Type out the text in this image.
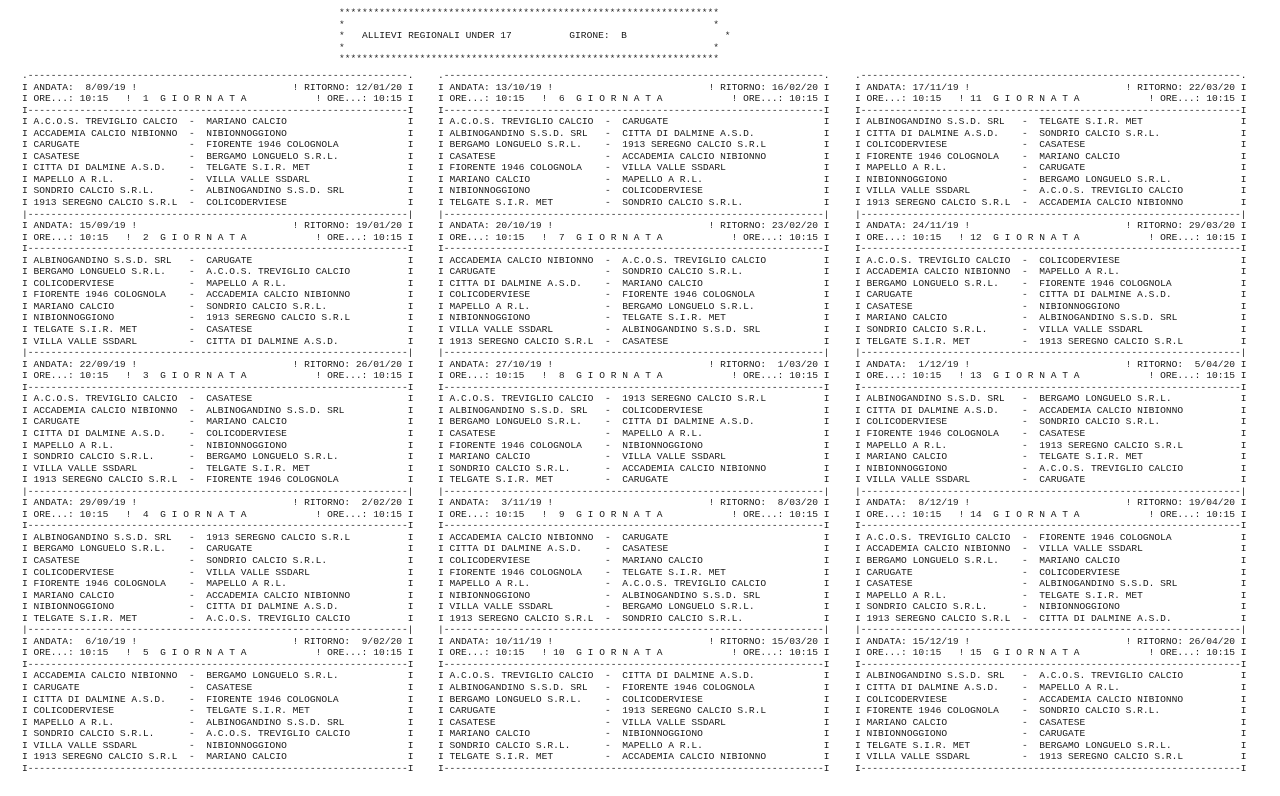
******************************************************************
*                                                                *
*   ALLIEVI REGIONALI UNDER 17	GIRONE: B	*
*                                                                *
******************************************************************
.------------------------------------------------------------------.
I ANDATA:  8/09/19 !                           ! RITORNO: 12/01/20 I
I ORE...: 10:15   !  1  G I O R N A T A            ! ORE...: 10:15 I
I------------------------------------------------------------------I
I A.C.O.S. TREVIGLIO CALCIO  -  MARIANO CALCIO                     I
I ACCADEMIA CALCIO NIBIONNO  -  NIBIONNOGGIONO                     I
I CARUGATE                   -  FIORENTE 1946 COLOGNOLA            I
I CASATESE                   -  BERGAMO LONGUELO S.R.L.            I
I CITTA DI DALMINE A.S.D.    -  TELGATE S.I.R. MET                 I
I MAPELLO A R.L.             -  VILLA VALLE SSDARL                 I
I SONDRIO CALCIO S.R.L.      -  ALBINOGANDINO S.S.D. SRL           I
I 1913 SEREGNO CALCIO S.R.L  -  COLICODERVIESE                     I
|------------------------------------------------------------------|
I ANDATA: 15/09/19 !                           ! RITORNO: 19/01/20 I
I ORE...: 10:15   !  2  G I O R N A T A            ! ORE...: 10:15 I
I------------------------------------------------------------------I
I ALBINOGANDINO S.S.D. SRL   -  CARUGATE                           I
I BERGAMO LONGUELO S.R.L.    -  A.C.O.S. TREVIGLIO CALCIO          I
I COLICODERVIESE             -  MAPELLO A R.L.                     I
I FIORENTE 1946 COLOGNOLA    -  ACCADEMIA CALCIO NIBIONNO          I
I MARIANO CALCIO             -  SONDRIO CALCIO S.R.L.              I
I NIBIONNOGGIONO             -  1913 SEREGNO CALCIO S.R.L          I
I TELGATE S.I.R. MET         -  CASATESE                           I
I VILLA VALLE SSDARL         -  CITTA DI DALMINE A.S.D.            I
|------------------------------------------------------------------|
I ANDATA: 22/09/19 !                           ! RITORNO: 26/01/20 I
I ORE...: 10:15   !  3  G I O R N A T A            ! ORE...: 10:15 I
I------------------------------------------------------------------I
I A.C.O.S. TREVIGLIO CALCIO  -  CASATESE                           I
I ACCADEMIA CALCIO NIBIONNO  -  ALBINOGANDINO S.S.D. SRL           I
I CARUGATE                   -  MARIANO CALCIO                     I
I CITTA DI DALMINE A.S.D.    -  COLICODERVIESE                     I
I MAPELLO A R.L.             -  NIBIONNOGGIONO                     I
I SONDRIO CALCIO S.R.L.      -  BERGAMO LONGUELO S.R.L.            I
I VILLA VALLE SSDARL         -  TELGATE S.I.R. MET                 I
I 1913 SEREGNO CALCIO S.R.L  -  FIORENTE 1946 COLOGNOLA            I
|------------------------------------------------------------------|
I ANDATA: 29/09/19 !                           ! RITORNO:  2/02/20 I
I ORE...: 10:15   !  4  G I O R N A T A            ! ORE...: 10:15 I
I------------------------------------------------------------------I
I ALBINOGANDINO S.S.D. SRL   -  1913 SEREGNO CALCIO S.R.L          I
I BERGAMO LONGUELO S.R.L.    -  CARUGATE                           I
I CASATESE                   -  SONDRIO CALCIO S.R.L.              I
I COLICODERVIESE             -  VILLA VALLE SSDARL                 I
I FIORENTE 1946 COLOGNOLA    -  MAPELLO A R.L.                     I
I MARIANO CALCIO             -  ACCADEMIA CALCIO NIBIONNO          I
I NIBIONNOGGIONO             -  CITTA DI DALMINE A.S.D.            I
I TELGATE S.I.R. MET         -  A.C.O.S. TREVIGLIO CALCIO          I
|------------------------------------------------------------------|
I ANDATA:  6/10/19 !                           ! RITORNO:  9/02/20 I
I ORE...: 10:15   !  5  G I O R N A T A            ! ORE...: 10:15 I
I------------------------------------------------------------------I
I ACCADEMIA CALCIO NIBIONNO  -  BERGAMO LONGUELO S.R.L.            I
I CARUGATE                   -  CASATESE                           I
I CITTA DI DALMINE A.S.D.    -  FIORENTE 1946 COLOGNOLA            I
I COLICODERVIESE             -  TELGATE S.I.R. MET                 I
I MAPELLO A R.L.             -  ALBINOGANDINO S.S.D. SRL           I
I SONDRIO CALCIO S.R.L.      -  A.C.O.S. TREVIGLIO CALCIO          I
I VILLA VALLE SSDARL         -  NIBIONNOGGIONO                     I
I 1913 SEREGNO CALCIO S.R.L  -  MARIANO CALCIO                     I
I------------------------------------------------------------------I

.------------------------------------------------------------------.
I ANDATA: 13/10/19 !                           ! RITORNO: 16/02/20 I
I ORE...: 10:15   !  6  G I O R N A T A            ! ORE...: 10:15 I
I------------------------------------------------------------------I
I A.C.O.S. TREVIGLIO CALCIO  -  CARUGATE                           I
I ALBINOGANDINO S.S.D. SRL   -  CITTA DI DALMINE A.S.D.            I
I BERGAMO LONGUELO S.R.L.    -  1913 SEREGNO CALCIO S.R.L          I
I CASATESE                   -  ACCADEMIA CALCIO NIBIONNO          I
I FIORENTE 1946 COLOGNOLA    -  VILLA VALLE SSDARL                 I
I MARIANO CALCIO             -  MAPELLO A R.L.                     I
I NIBIONNOGGIONO             -  COLICODERVIESE                     I
I TELGATE S.I.R. MET         -  SONDRIO CALCIO S.R.L.              I
|------------------------------------------------------------------|
I ANDATA: 20/10/19 !                           ! RITORNO: 23/02/20 I
I ORE...: 10:15   !  7  G I O R N A T A            ! ORE...: 10:15 I
I------------------------------------------------------------------I
I ACCADEMIA CALCIO NIBIONNO  -  A.C.O.S. TREVIGLIO CALCIO          I
I CARUGATE                   -  SONDRIO CALCIO S.R.L.              I
I CITTA DI DALMINE A.S.D.    -  MARIANO CALCIO                     I
I COLICODERVIESE             -  FIORENTE 1946 COLOGNOLA            I
I MAPELLO A R.L.             -  BERGAMO LONGUELO S.R.L.            I
I NIBIONNOGGIONO             -  TELGATE S.I.R. MET                 I
I VILLA VALLE SSDARL         -  ALBINOGANDINO S.S.D. SRL           I
I 1913 SEREGNO CALCIO S.R.L  -  CASATESE                           I
|------------------------------------------------------------------|
I ANDATA: 27/10/19 !                           ! RITORNO:  1/03/20 I
I ORE...: 10:15   !  8  G I O R N A T A            ! ORE...: 10:15 I
I------------------------------------------------------------------I
I A.C.O.S. TREVIGLIO CALCIO  -  1913 SEREGNO CALCIO S.R.L          I
I ALBINOGANDINO S.S.D. SRL   -  COLICODERVIESE                     I
I BERGAMO LONGUELO S.R.L.    -  CITTA DI DALMINE A.S.D.            I
I CASATESE                   -  MAPELLO A R.L.                     I
I FIORENTE 1946 COLOGNOLA    -  NIBIONNOGGIONO                     I
I MARIANO CALCIO             -  VILLA VALLE SSDARL                 I
I SONDRIO CALCIO S.R.L.      -  ACCADEMIA CALCIO NIBIONNO          I
I TELGATE S.I.R. MET         -  CARUGATE                           I
|------------------------------------------------------------------|
I ANDATA:  3/11/19 !                           ! RITORNO:  8/03/20 I
I ORE...: 10:15   !  9  G I O R N A T A            ! ORE...: 10:15 I
I------------------------------------------------------------------I
I ACCADEMIA CALCIO NIBIONNO  -  CARUGATE                           I
I CITTA DI DALMINE A.S.D.    -  CASATESE                           I
I COLICODERVIESE             -  MARIANO CALCIO                     I
I FIORENTE 1946 COLOGNOLA    -  TELGATE S.I.R. MET                 I
I MAPELLO A R.L.             -  A.C.O.S. TREVIGLIO CALCIO          I
I NIBIONNOGGIONO             -  ALBINOGANDINO S.S.D. SRL           I
I VILLA VALLE SSDARL         -  BERGAMO LONGUELO S.R.L.            I
I 1913 SEREGNO CALCIO S.R.L  -  SONDRIO CALCIO S.R.L.              I
|------------------------------------------------------------------|
I ANDATA: 10/11/19 !                           ! RITORNO: 15/03/20 I
I ORE...: 10:15   ! 10  G I O R N A T A            ! ORE...: 10:15 I
I------------------------------------------------------------------I
I A.C.O.S. TREVIGLIO CALCIO  -  CITTA DI DALMINE A.S.D.            I
I ALBINOGANDINO S.S.D. SRL   -  FIORENTE 1946 COLOGNOLA            I
I BERGAMO LONGUELO S.R.L.    -  COLICODERVIESE                     I
I CARUGATE                   -  1913 SEREGNO CALCIO S.R.L          I
I CASATESE                   -  VILLA VALLE SSDARL                 I
I MARIANO CALCIO             -  NIBIONNOGGIONO                     I
I SONDRIO CALCIO S.R.L.      -  MAPELLO A R.L.                     I
I TELGATE S.I.R. MET         -  ACCADEMIA CALCIO NIBIONNO          I
I------------------------------------------------------------------I

.------------------------------------------------------------------.
I ANDATA: 17/11/19 !                           ! RITORNO: 22/03/20 I
I ORE...: 10:15   ! 11  G I O R N A T A            ! ORE...: 10:15 I
I------------------------------------------------------------------I
I ALBINOGANDINO S.S.D. SRL   -  TELGATE S.I.R. MET                 I
I CITTA DI DALMINE A.S.D.    -  SONDRIO CALCIO S.R.L.              I
I COLICODERVIESE             -  CASATESE                           I
I FIORENTE 1946 COLOGNOLA    -  MARIANO CALCIO                     I
I MAPELLO A R.L.             -  CARUGATE                           I
I NIBIONNOGGIONO             -  BERGAMO LONGUELO S.R.L.            I
I VILLA VALLE SSDARL         -  A.C.O.S. TREVIGLIO CALCIO          I
I 1913 SEREGNO CALCIO S.R.L  -  ACCADEMIA CALCIO NIBIONNO          I
|------------------------------------------------------------------|
I ANDATA: 24/11/19 !                           ! RITORNO: 29/03/20 I
I ORE...: 10:15   ! 12  G I O R N A T A            ! ORE...: 10:15 I
I------------------------------------------------------------------I
I A.C.O.S. TREVIGLIO CALCIO  -  COLICODERVIESE                     I
I ACCADEMIA CALCIO NIBIONNO  -  MAPELLO A R.L.                     I
I BERGAMO LONGUELO S.R.L.    -  FIORENTE 1946 COLOGNOLA            I
I CARUGATE                   -  CITTA DI DALMINE A.S.D.            I
I CASATESE                   -  NIBIONNOGGIONO                     I
I MARIANO CALCIO             -  ALBINOGANDINO S.S.D. SRL           I
I SONDRIO CALCIO S.R.L.      -  VILLA VALLE SSDARL                 I
I TELGATE S.I.R. MET         -  1913 SEREGNO CALCIO S.R.L          I
|------------------------------------------------------------------|
I ANDATA:  1/12/19 !                           ! RITORNO:  5/04/20 I
I ORE...: 10:15   ! 13  G I O R N A T A            ! ORE...: 10:15 I
I------------------------------------------------------------------I
I ALBINOGANDINO S.S.D. SRL   -  BERGAMO LONGUELO S.R.L.            I
I CITTA DI DALMINE A.S.D.    -  ACCADEMIA CALCIO NIBIONNO          I
I COLICODERVIESE             -  SONDRIO CALCIO S.R.L.              I
I FIORENTE 1946 COLOGNOLA    -  CASATESE                           I
I MAPELLO A R.L.             -  1913 SEREGNO CALCIO S.R.L          I
I MARIANO CALCIO             -  TELGATE S.I.R. MET                 I
I NIBIONNOGGIONO             -  A.C.O.S. TREVIGLIO CALCIO          I
I VILLA VALLE SSDARL         -  CARUGATE                           I
|------------------------------------------------------------------|
I ANDATA:  8/12/19 !                           ! RITORNO: 19/04/20 I
I ORE...: 10:15   ! 14  G I O R N A T A            ! ORE...: 10:15 I
I------------------------------------------------------------------I
I A.C.O.S. TREVIGLIO CALCIO  -  FIORENTE 1946 COLOGNOLA            I
I ACCADEMIA CALCIO NIBIONNO  -  VILLA VALLE SSDARL                 I
I BERGAMO LONGUELO S.R.L.    -  MARIANO CALCIO                     I
I CARUGATE                   -  COLICODERVIESE                     I
I CASATESE                   -  ALBINOGANDINO S.S.D. SRL           I
I MAPELLO A R.L.             -  TELGATE S.I.R. MET                 I
I SONDRIO CALCIO S.R.L.      -  NIBIONNOGGIONO                     I
I 1913 SEREGNO CALCIO S.R.L  -  CITTA DI DALMINE A.S.D.            I
|------------------------------------------------------------------|
I ANDATA: 15/12/19 !                           ! RITORNO: 26/04/20 I
I ORE...: 10:15   ! 15  G I O R N A T A            ! ORE...: 10:15 I
I------------------------------------------------------------------I
I ALBINOGANDINO S.S.D. SRL   -  A.C.O.S. TREVIGLIO CALCIO          I
I CITTA DI DALMINE A.S.D.    -  MAPELLO A R.L.                     I
I COLICODERVIESE             -  ACCADEMIA CALCIO NIBIONNO          I
I FIORENTE 1946 COLOGNOLA    -  SONDRIO CALCIO S.R.L.              I
I MARIANO CALCIO             -  CASATESE                           I
I NIBIONNOGGIONO             -  CARUGATE                           I
I TELGATE S.I.R. MET         -  BERGAMO LONGUELO S.R.L.            I
I VILLA VALLE SSDARL         -  1913 SEREGNO CALCIO S.R.L          I
I------------------------------------------------------------------I
